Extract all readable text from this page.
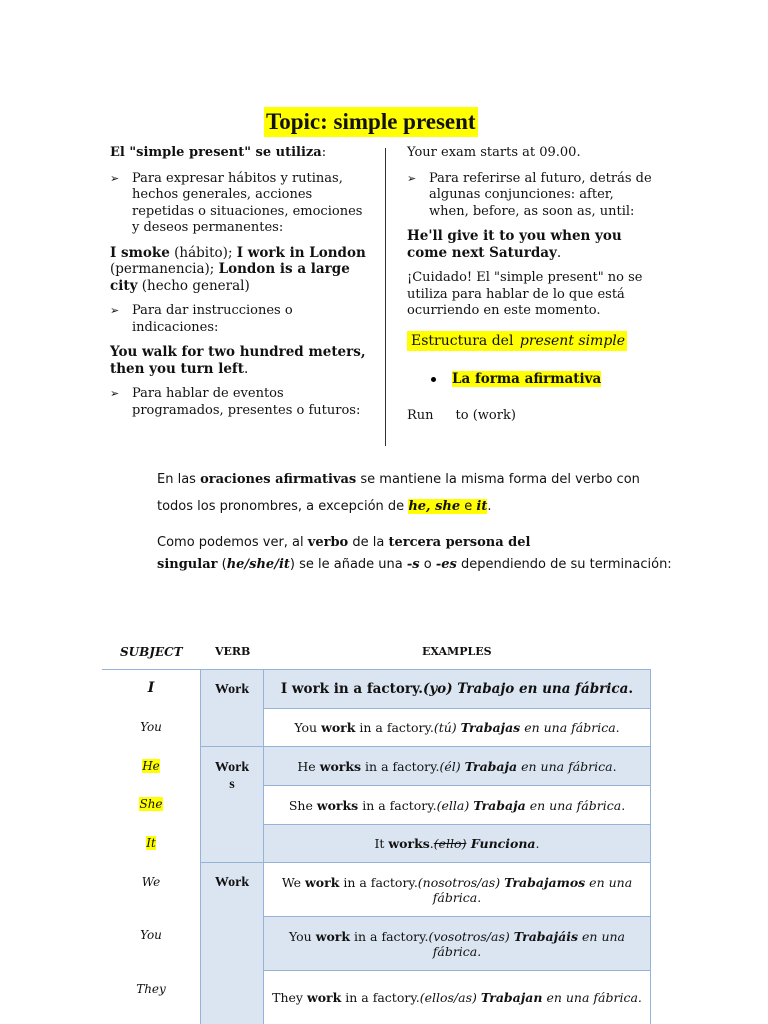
Topic: simple present
El "simple present" se utiliza:
➢ Para expresar hábitos y rutinas, hechos generales, acciones repetidas o situaciones, emociones y deseos permanentes:
I smoke (hábito); I work in London (permanencia); London is a large city (hecho general)
➢ Para dar instrucciones o indicaciones:
You walk for two hundred meters, then you turn left.
➢ Para hablar de eventos programados, presentes o futuros:
Your exam starts at 09.00.
➢ Para referirse al futuro, detrás de algunas conjunciones: after, when, before, as soon as, until:
He'll give it to you when you come next Saturday.
¡Cuidado! El "simple present" no se utiliza para hablar de lo que está ocurriendo en este momento.
Estructura del present simple
La forma afirmativa
Run to (work)
En las oraciones afirmativas se mantiene la misma forma del verbo con
todos los pronombres, a excepción de he, she e it.
Como podemos ver, al verbo de la tercera persona del
singular (he/she/it) se le añade una -s o -es dependiendo de su terminación:
SUBJECT	VERB	EXAMPLES
I
You
He
She
It
We
You
They
Work
Work
s
Work
I work in a factory.(yo) Trabajo en una fábrica.
You work in a factory.(tú) Trabajas en una fábrica.
He works in a factory.(él) Trabaja en una fábrica.
She works in a factory.(ella) Trabaja en una fábrica.
It works.(ello) Funciona.
We work in a factory.(nosotros/as) Trabajamos en una fábrica.
You work in a factory.(vosotros/as) Trabajáis en una fábrica.
They work in a factory.(ellos/as) Trabajan en una fábrica.
